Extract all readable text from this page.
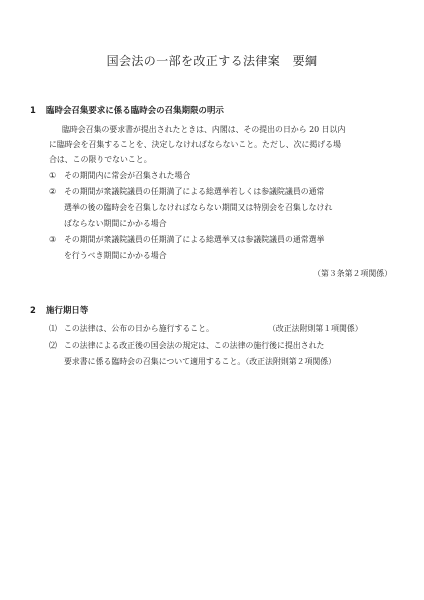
国会法の一部を改正する法律案　要綱
1 臨時会召集要求に係る臨時会の召集期限の明示
臨時会召集の要求書が提出されたときは、内閣は、その提出の日から 20 日以内
に臨時会を召集することを、決定しなければならないこと。ただし、次に掲げる場
合は、この限りでないこと。
① その期間内に常会が召集された場合
② その期間が衆議院議員の任期満了による総選挙若しくは参議院議員の通常
選挙の後の臨時会を召集しなければならない期間又は特別会を召集しなけれ
ばならない期間にかかる場合
③ その期間が衆議院議員の任期満了による総選挙又は参議院議員の通常選挙
を行うべき期間にかかる場合
（第３条第２項関係）
2 施行期日等
⑴ この法律は、公布の日から施行すること。	（改正法附則第１項関係）
⑵ この法律による改正後の国会法の規定は、この法律の施行後に提出された
要求書に係る臨時会の召集について適用すること。（改正法附則第２項関係）
